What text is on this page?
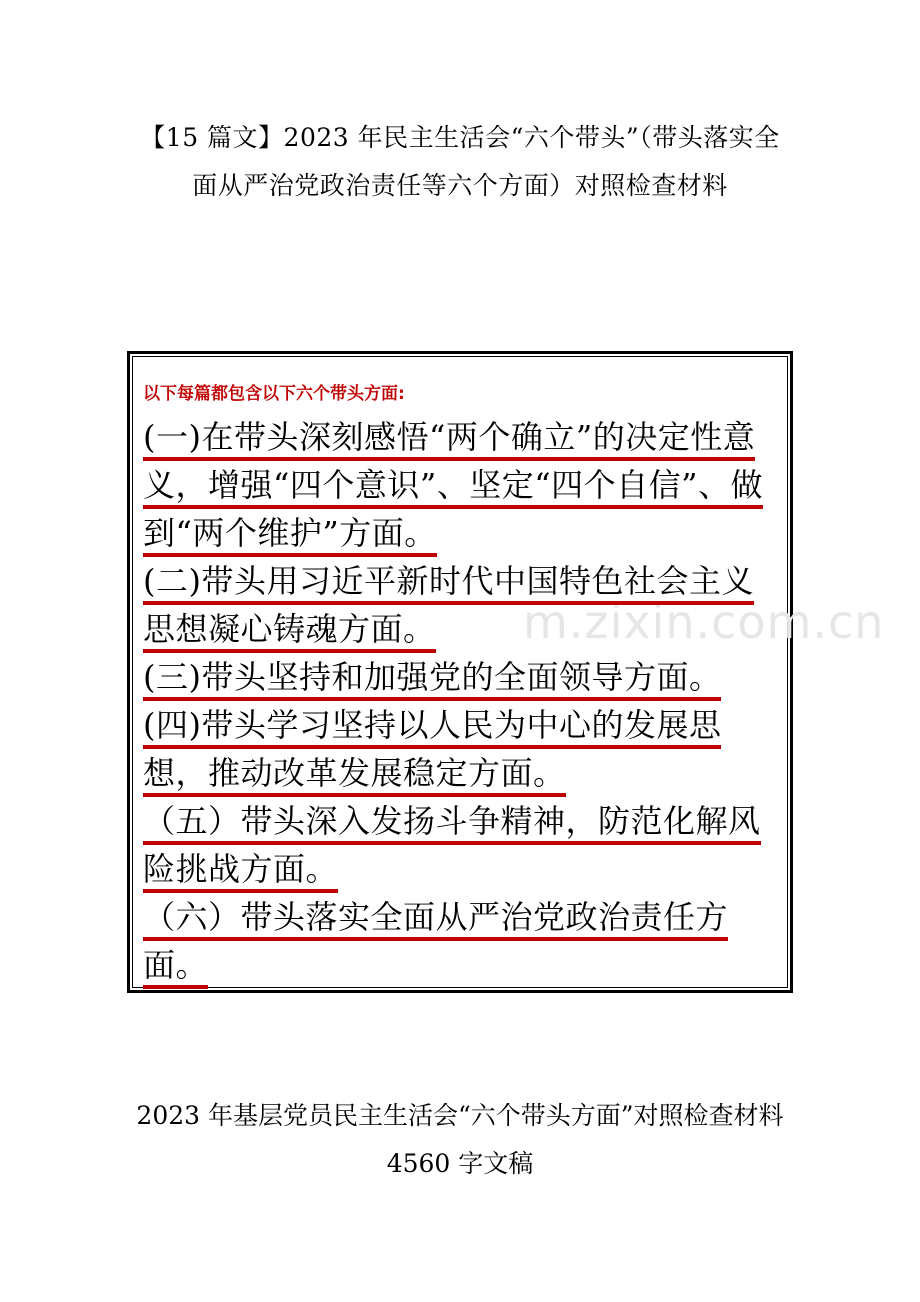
【15 篇文】2023 年民主生活会“六个带头”（带头落实全面从严治党政治责任等六个方面）对照检查材料
m.zixin.com.cn
以下每篇都包含以下六个带头方面:

(一)在带头深刻感悟“两个确立”的决定性意义，增强“四个意识”、坚定“四个自信”、做到“两个维护”方面。

(二)带头用习近平新时代中国特色社会主义思想凝心铸魂方面。

(三)带头坚持和加强党的全面领导方面。

(四)带头学习坚持以人民为中心的发展思想，推动改革发展稳定方面。

（五）带头深入发扬斗争精神，防范化解风险挑战方面。

（六）带头落实全面从严治党政治责任方面。

2023 年基层党员民主生活会“六个带头方面”对照检查材料 4560 字文稿
